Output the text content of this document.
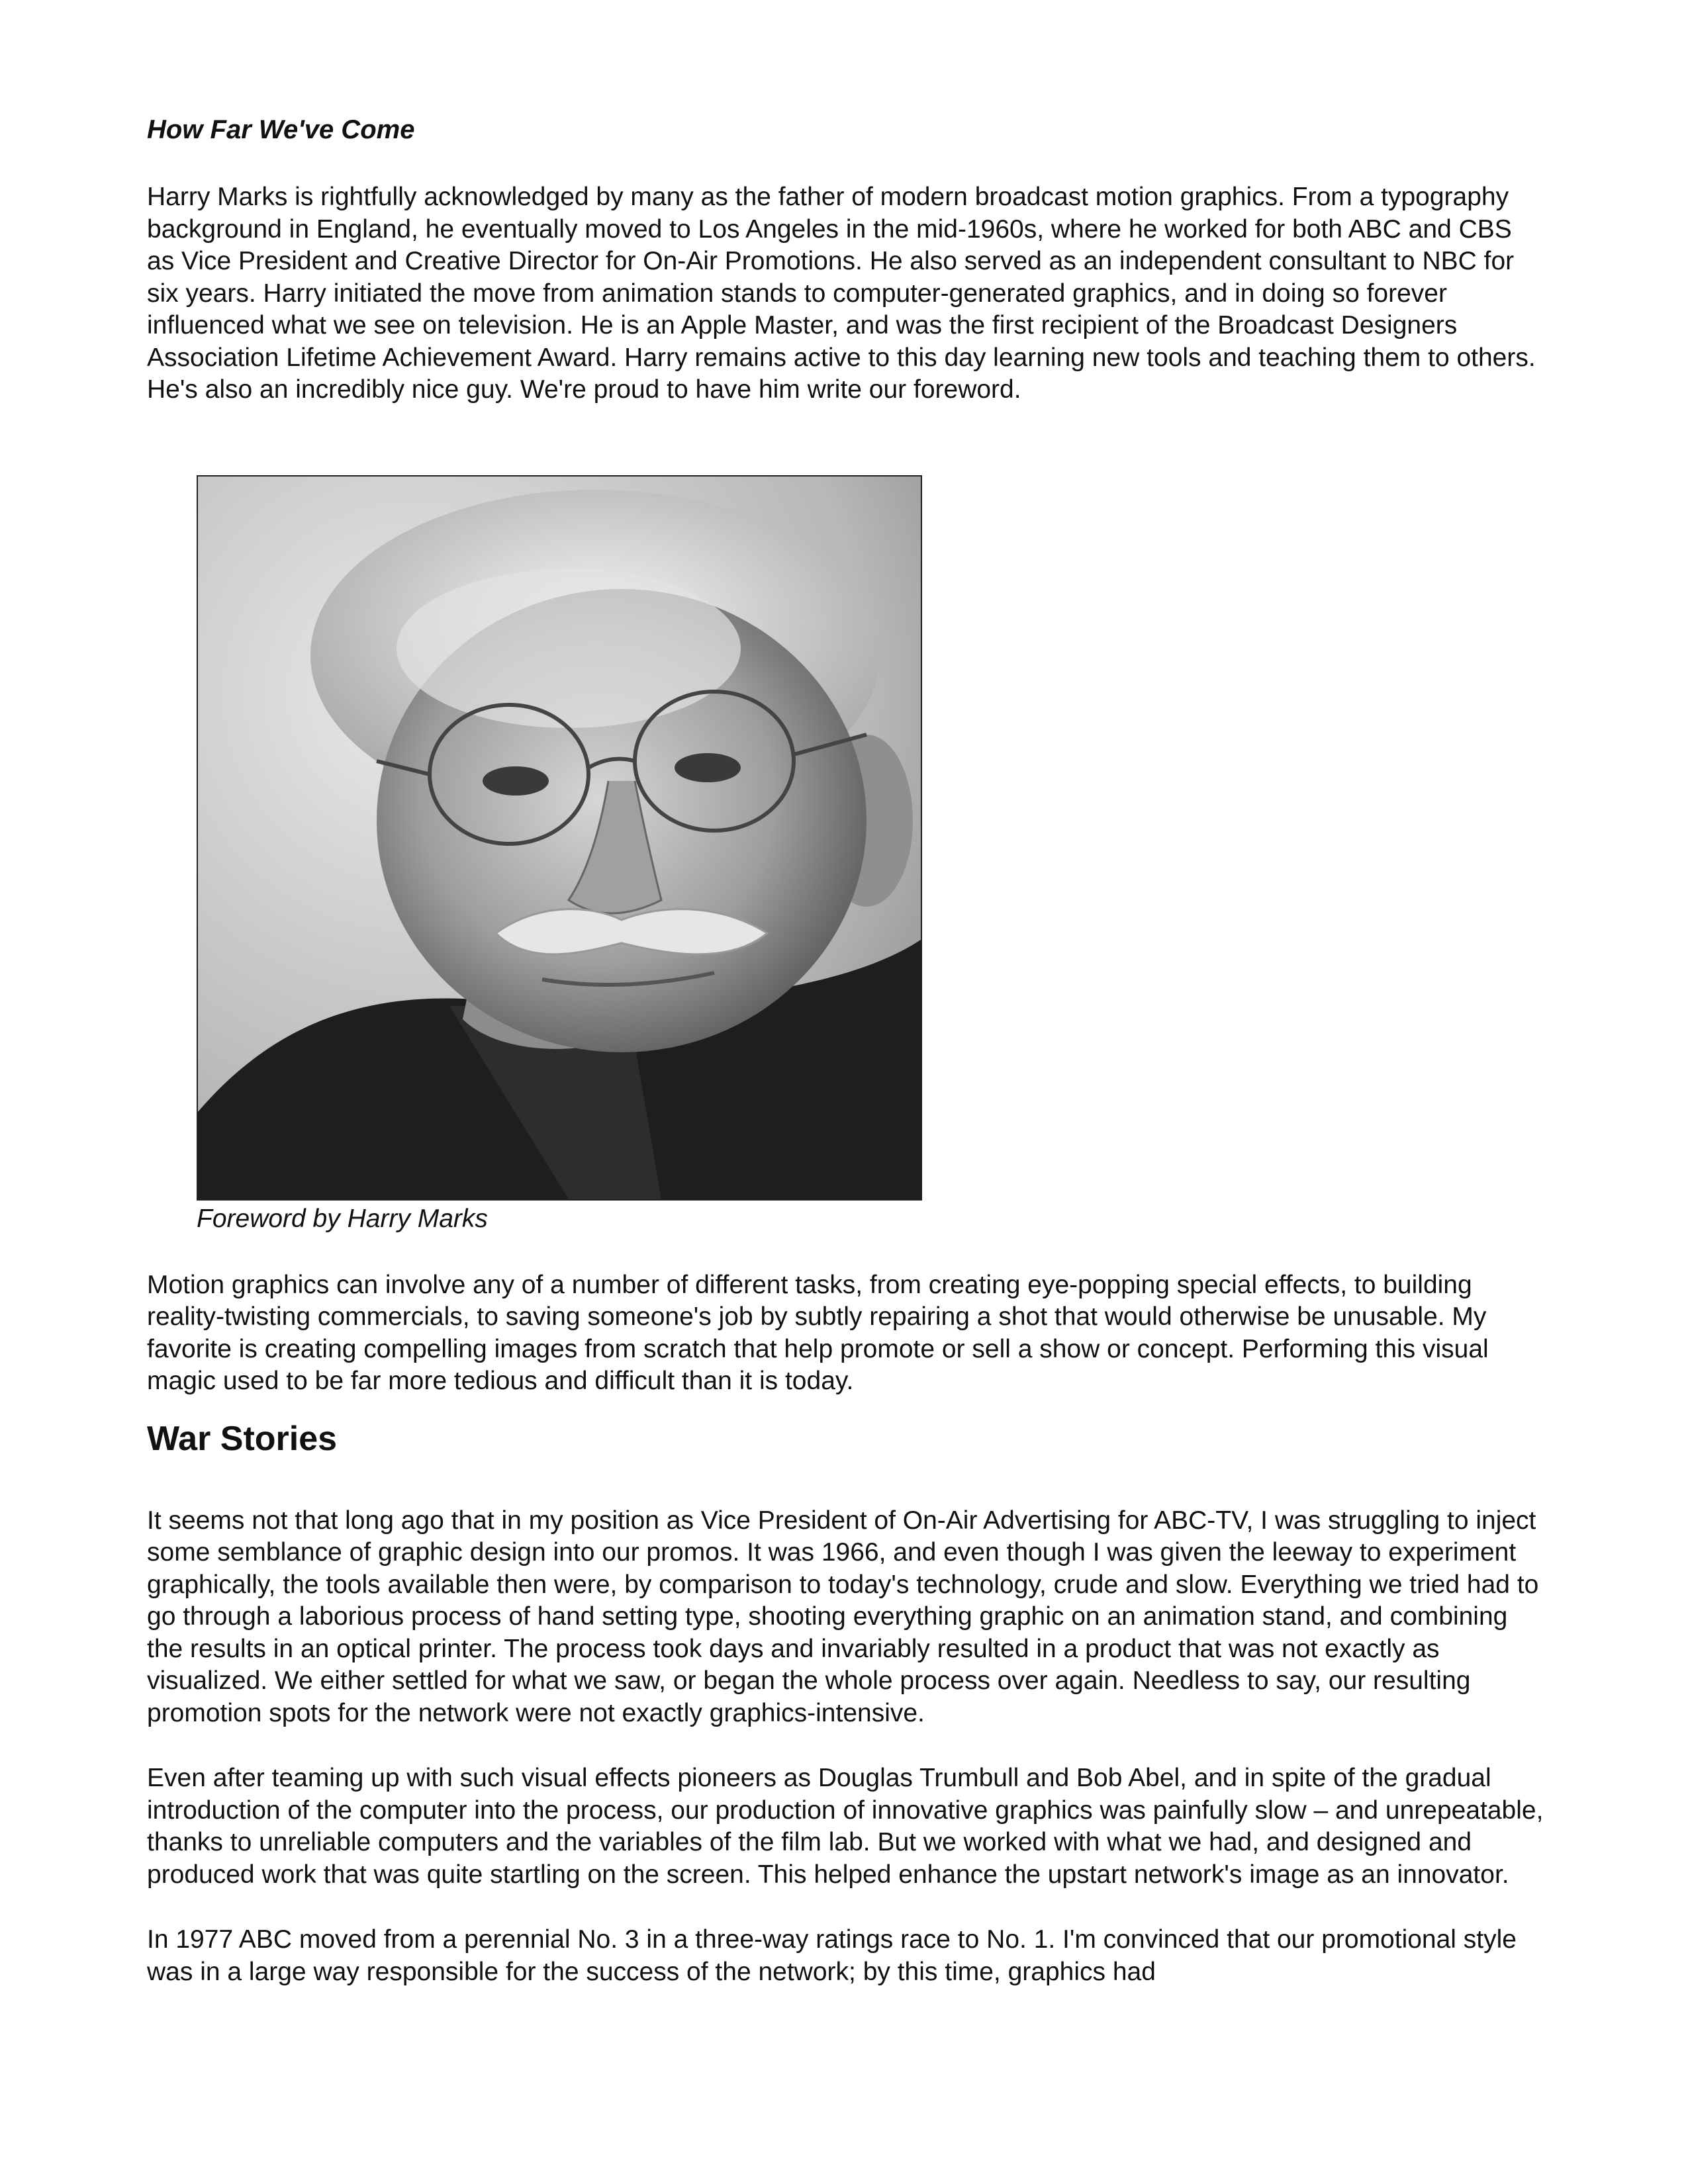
How Far We've Come

Harry Marks is rightfully acknowledged by many as the father of modern broadcast motion graphics. From a typography background in England, he eventually moved to Los Angeles in the mid-1960s, where he worked for both ABC and CBS as Vice President and Creative Director for On-Air Promotions. He also served as an independent consultant to NBC for six years. Harry initiated the move from animation stands to computer-generated graphics, and in doing so forever influenced what we see on television. He is an Apple Master, and was the first recipient of the Broadcast Designers Association Lifetime Achievement Award. Harry remains active to this day learning new tools and teaching them to others. He's also an incredibly nice guy. We're proud to have him write our foreword.

Foreword by Harry Marks

Motion graphics can involve any of a number of different tasks, from creating eye-popping special effects, to building reality-twisting commercials, to saving someone's job by subtly repairing a shot that would otherwise be unusable. My favorite is creating compelling images from scratch that help promote or sell a show or concept. Performing this visual magic used to be far more tedious and difficult than it is today.

War Stories

It seems not that long ago that in my position as Vice President of On-Air Advertising for ABC-TV, I was struggling to inject some semblance of graphic design into our promos. It was 1966, and even though I was given the leeway to experiment graphically, the tools available then were, by comparison to today's technology, crude and slow. Everything we tried had to go through a laborious process of hand setting type, shooting everything graphic on an animation stand, and combining the results in an optical printer. The process took days and invariably resulted in a product that was not exactly as visualized. We either settled for what we saw, or began the whole process over again. Needless to say, our resulting promotion spots for the network were not exactly graphics-intensive.

Even after teaming up with such visual effects pioneers as Douglas Trumbull and Bob Abel, and in spite of the gradual introduction of the computer into the process, our production of innovative graphics was painfully slow – and unrepeatable, thanks to unreliable computers and the variables of the film lab. But we worked with what we had, and designed and produced work that was quite startling on the screen. This helped enhance the upstart network's image as an innovator.

In 1977 ABC moved from a perennial No. 3 in a three-way ratings race to No. 1. I'm convinced that our promotional style was in a large way responsible for the success of the network; by this time, graphics had
